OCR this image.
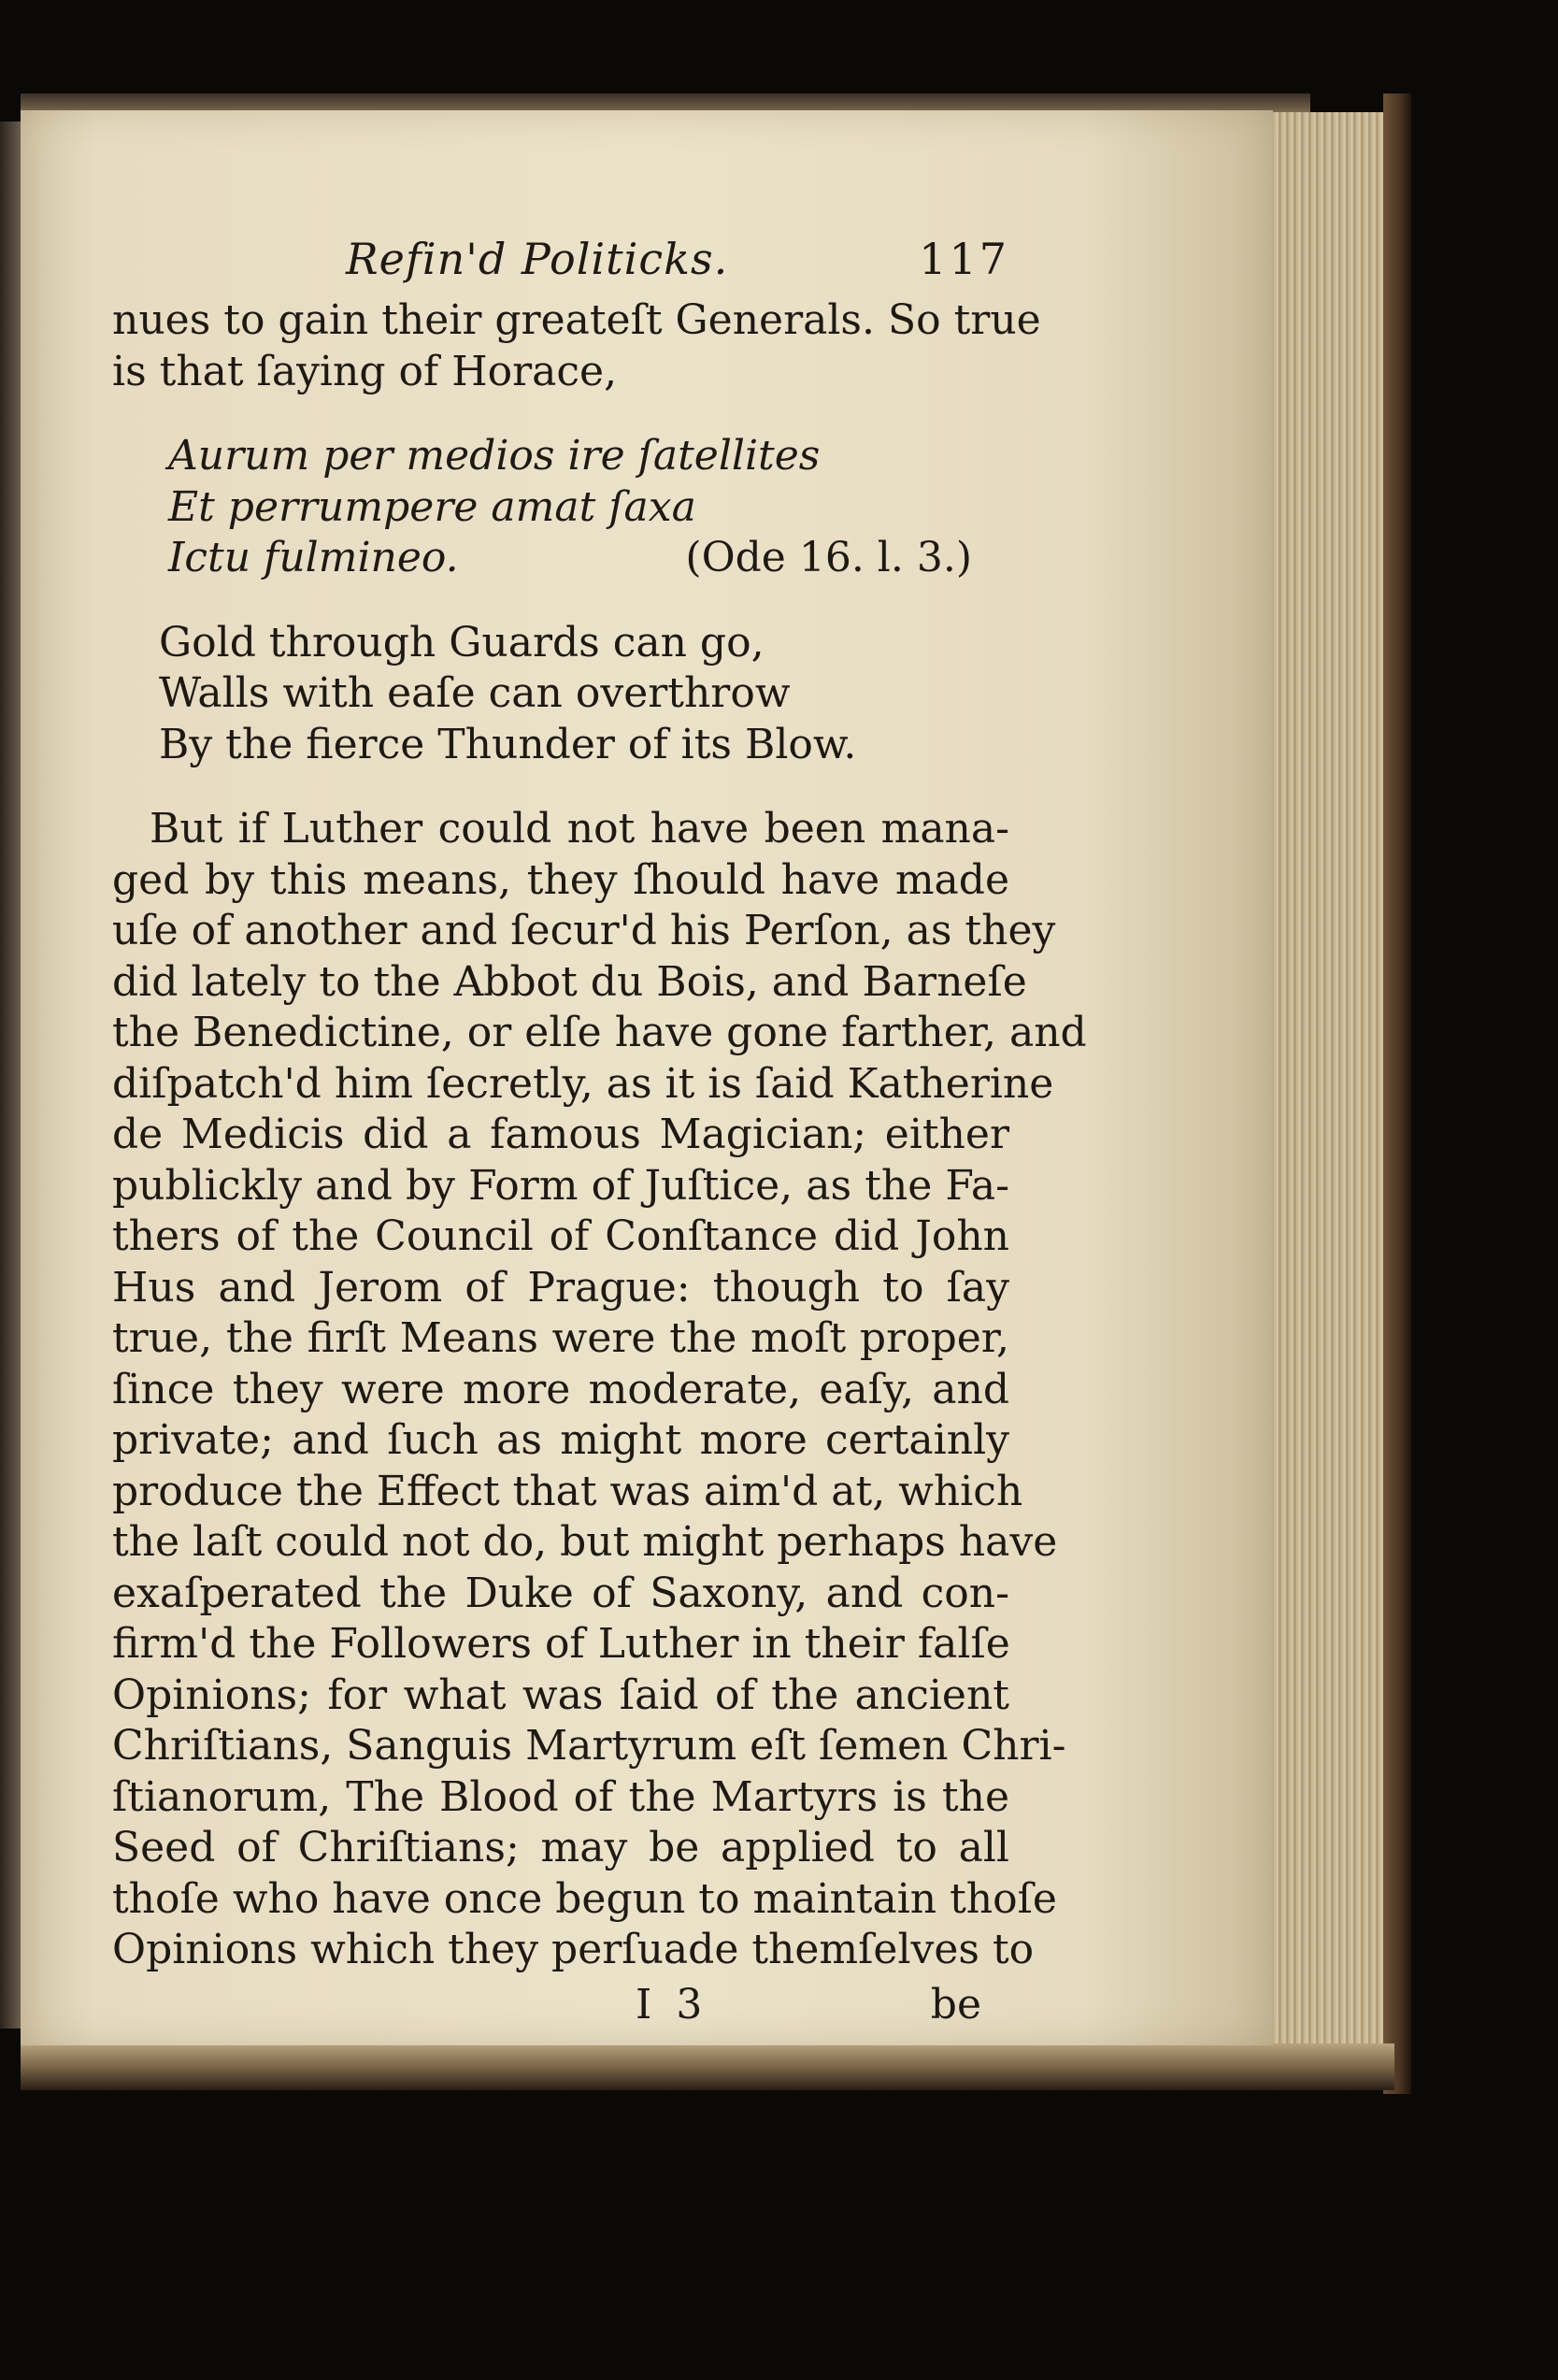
Refin'd Politicks.	117
nues to gain their greateſt Generals. So true
is that ſaying of Horace,
Aurum per medios ire ſatellites
Et perrumpere amat ſaxa
Ictu fulmineo.	(Ode 16. l. 3.)
Gold through Guards can go,
Walls with eaſe can overthrow
By the fierce Thunder of its Blow.
But if Luther could not have been mana-
ged by this means, they ſhould have made
uſe of another and ſecur'd his Perſon, as they
did lately to the Abbot du Bois, and Barneſe
the Benedictine, or elſe have gone farther, and
diſpatch'd him ſecretly, as it is ſaid Katherine
de Medicis did a famous Magician; either
publickly and by Form of Juſtice, as the Fa-
thers of the Council of Conſtance did John
Hus and Jerom of Prague: though to ſay
true, the firſt Means were the moſt proper,
ſince they were more moderate, eaſy, and
private; and ſuch as might more certainly
produce the Effect that was aim'd at, which
the laſt could not do, but might perhaps have
exaſperated the Duke of Saxony, and con-
firm'd the Followers of Luther in their falſe
Opinions; for what was ſaid of the ancient
Chriſtians, Sanguis Martyrum eſt ſemen Chri-
ſtianorum, The Blood of the Martyrs is the
Seed of Chriſtians; may be applied to all
thoſe who have once begun to maintain thoſe
Opinions which they perſuade themſelves to
I 3	be
